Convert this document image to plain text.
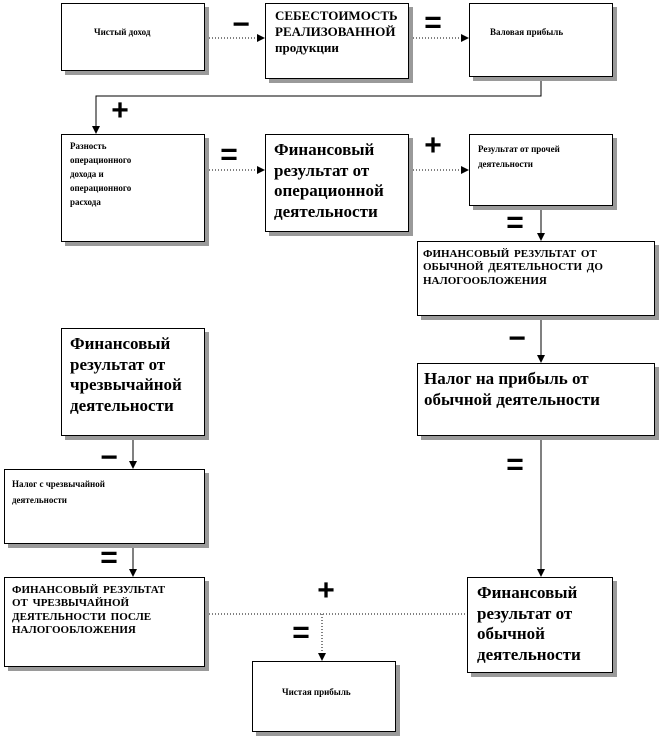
Чистый доход
СЕБЕСТОИМОСТЬ
РЕАЛИЗОВАННОЙ
продукции
Валовая прибыль
Разность
операционного
дохода и
операционного
расхода
Финансовый
результат от
операционной
деятельности
Результат от прочей
деятельности
ФИНАНСОВЫЙ РЕЗУЛЬТАТ ОТ
ОБЫЧНОЙ ДЕЯТЕЛЬНОСТИ ДО
НАЛОГООБЛОЖЕНИЯ
Налог на прибыль от
обычной деятельности
Финансовый
результат от
обычной
деятельности
Финансовый
результат от
чрезвычайной
деятельности
Налог с чрезвычайной
деятельности
ФИНАНСОВЫЙ РЕЗУЛЬТАТ
ОТ ЧРЕЗВЫЧАЙНОЙ
ДЕЯТЕЛЬНОСТИ ПОСЛЕ
НАЛОГООБЛОЖЕНИЯ
Чистая прибыль
−	=
+
=	+
=
−
=
−
=
+
=
